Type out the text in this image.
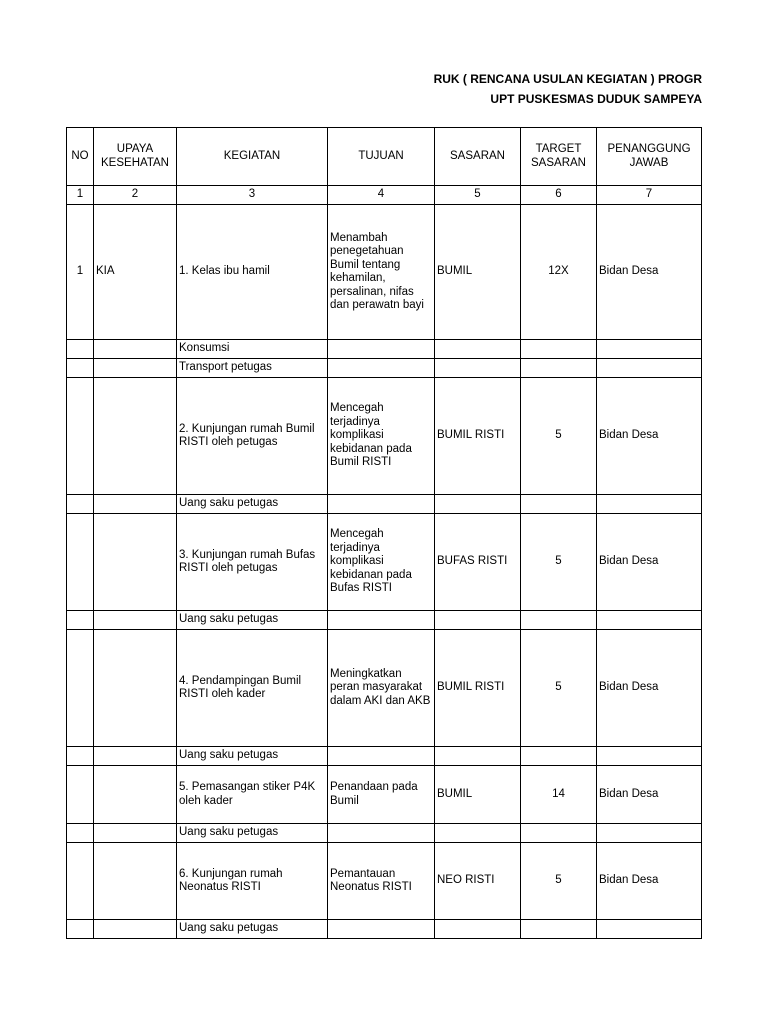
RUK ( RENCANA USULAN KEGIATAN ) PROGR
UPT PUSKESMAS DUDUK SAMPEYA
NO	UPAYA KESEHATAN	KEGIATAN	TUJUAN	SASARAN	TARGET SASARAN	PENANGGUNG JAWAB
1	2	3	4	5	6	7
1	KIA	1. Kelas ibu hamil	Menambah penegetahuan Bumil tentang kehamilan, persalinan, nifas dan perawatn bayi	BUMIL	12X	Bidan Desa
		Konsumsi				
		Transport petugas				
		2. Kunjungan rumah Bumil RISTI oleh petugas	Mencegah terjadinya komplikasi kebidanan pada Bumil RISTI	BUMIL RISTI	5	Bidan Desa
		Uang saku petugas				
		3. Kunjungan rumah Bufas RISTI oleh petugas	Mencegah terjadinya komplikasi kebidanan pada Bufas RISTI	BUFAS RISTI	5	Bidan Desa
		Uang saku petugas				
		4. Pendampingan Bumil RISTI oleh kader	Meningkatkan peran masyarakat dalam AKI dan AKB	BUMIL RISTI	5	Bidan Desa
		Uang saku petugas				
		5. Pemasangan stiker P4K oleh kader	Penandaan pada Bumil	BUMIL	14	Bidan Desa
		Uang saku petugas				
		6. Kunjungan rumah Neonatus RISTI	Pemantauan Neonatus RISTI	NEO RISTI	5	Bidan Desa
		Uang saku petugas				
